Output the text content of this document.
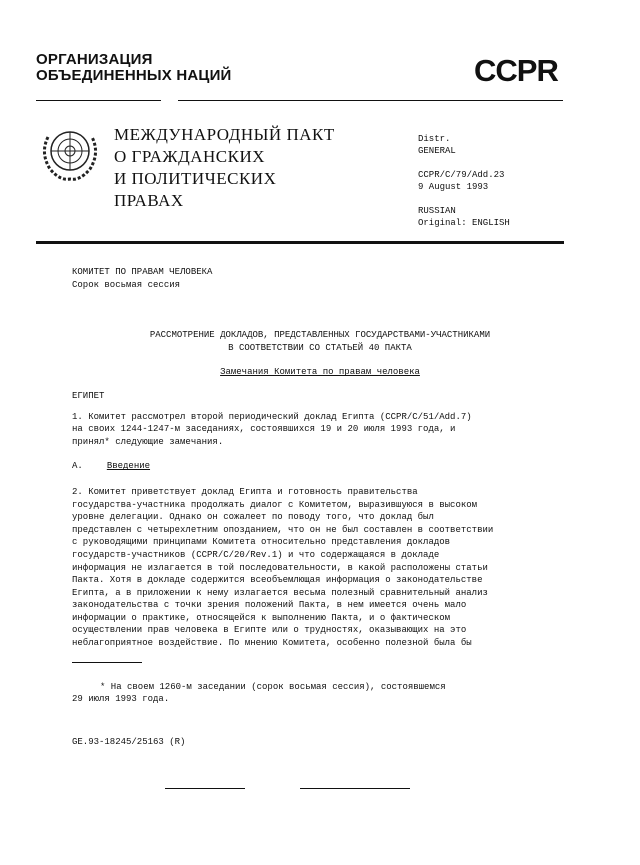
ОРГАНИЗАЦИЯ
ОБЪЕДИНЕННЫХ НАЦИЙ	CCPR
МЕЖДУНАРОДНЫЙ ПАКТ
О ГРАЖДАНСКИХ
И ПОЛИТИЧЕСКИХ
ПРАВАХ
Distr.
GENERAL
CCPR/C/79/Add.23
9 August 1993
RUSSIAN
Original: ENGLISH
КОМИТЕТ ПО ПРАВАМ ЧЕЛОВЕКА
Сорок восьмая сессия
РАССМОТРЕНИЕ ДОКЛАДОВ, ПРЕДСТАВЛЕННЫХ ГОСУДАРСТВАМИ-УЧАСТНИКАМИ
В СООТВЕТСТВИИ СО СТАТЬЕЙ 40 ПАКТА
Замечания Комитета по правам человека
ЕГИПЕТ
1. Комитет рассмотрел второй периодический доклад Египта (CCPR/C/51/Add.7)
на своих 1244-1247-м заседаниях, состоявшихся 19 и 20 июля 1993 года, и
принял* следующие замечания.
A.	Введение
2. Комитет приветствует доклад Египта и готовность правительства
государства-участника продолжать диалог с Комитетом, выразившуюся в высоком
уровне делегации. Однако он сожалеет по поводу того, что доклад был
представлен с четырехлетним опозданием, что он не был составлен в соответствии
с руководящими принципами Комитета относительно представления докладов
государств-участников (CCPR/C/20/Rev.1) и что содержащаяся в докладе
информация не излагается в той последовательности, в какой расположены статьи
Пакта. Хотя в докладе содержится всеобъемлющая информация о законодательстве
Египта, а в приложении к нему излагается весьма полезный сравнительный анализ
законодательства с точки зрения положений Пакта, в нем имеется очень мало
информации о практике, относящейся к выполнению Пакта, и о фактическом
осуществлении прав человека в Египте или о трудностях, оказывающих на это
неблагоприятное воздействие. По мнению Комитета, особенно полезной была бы
* На своем 1260-м заседании (сорок восьмая сессия), состоявшемся
29 июля 1993 года.
GE.93-18245/25163 (R)
